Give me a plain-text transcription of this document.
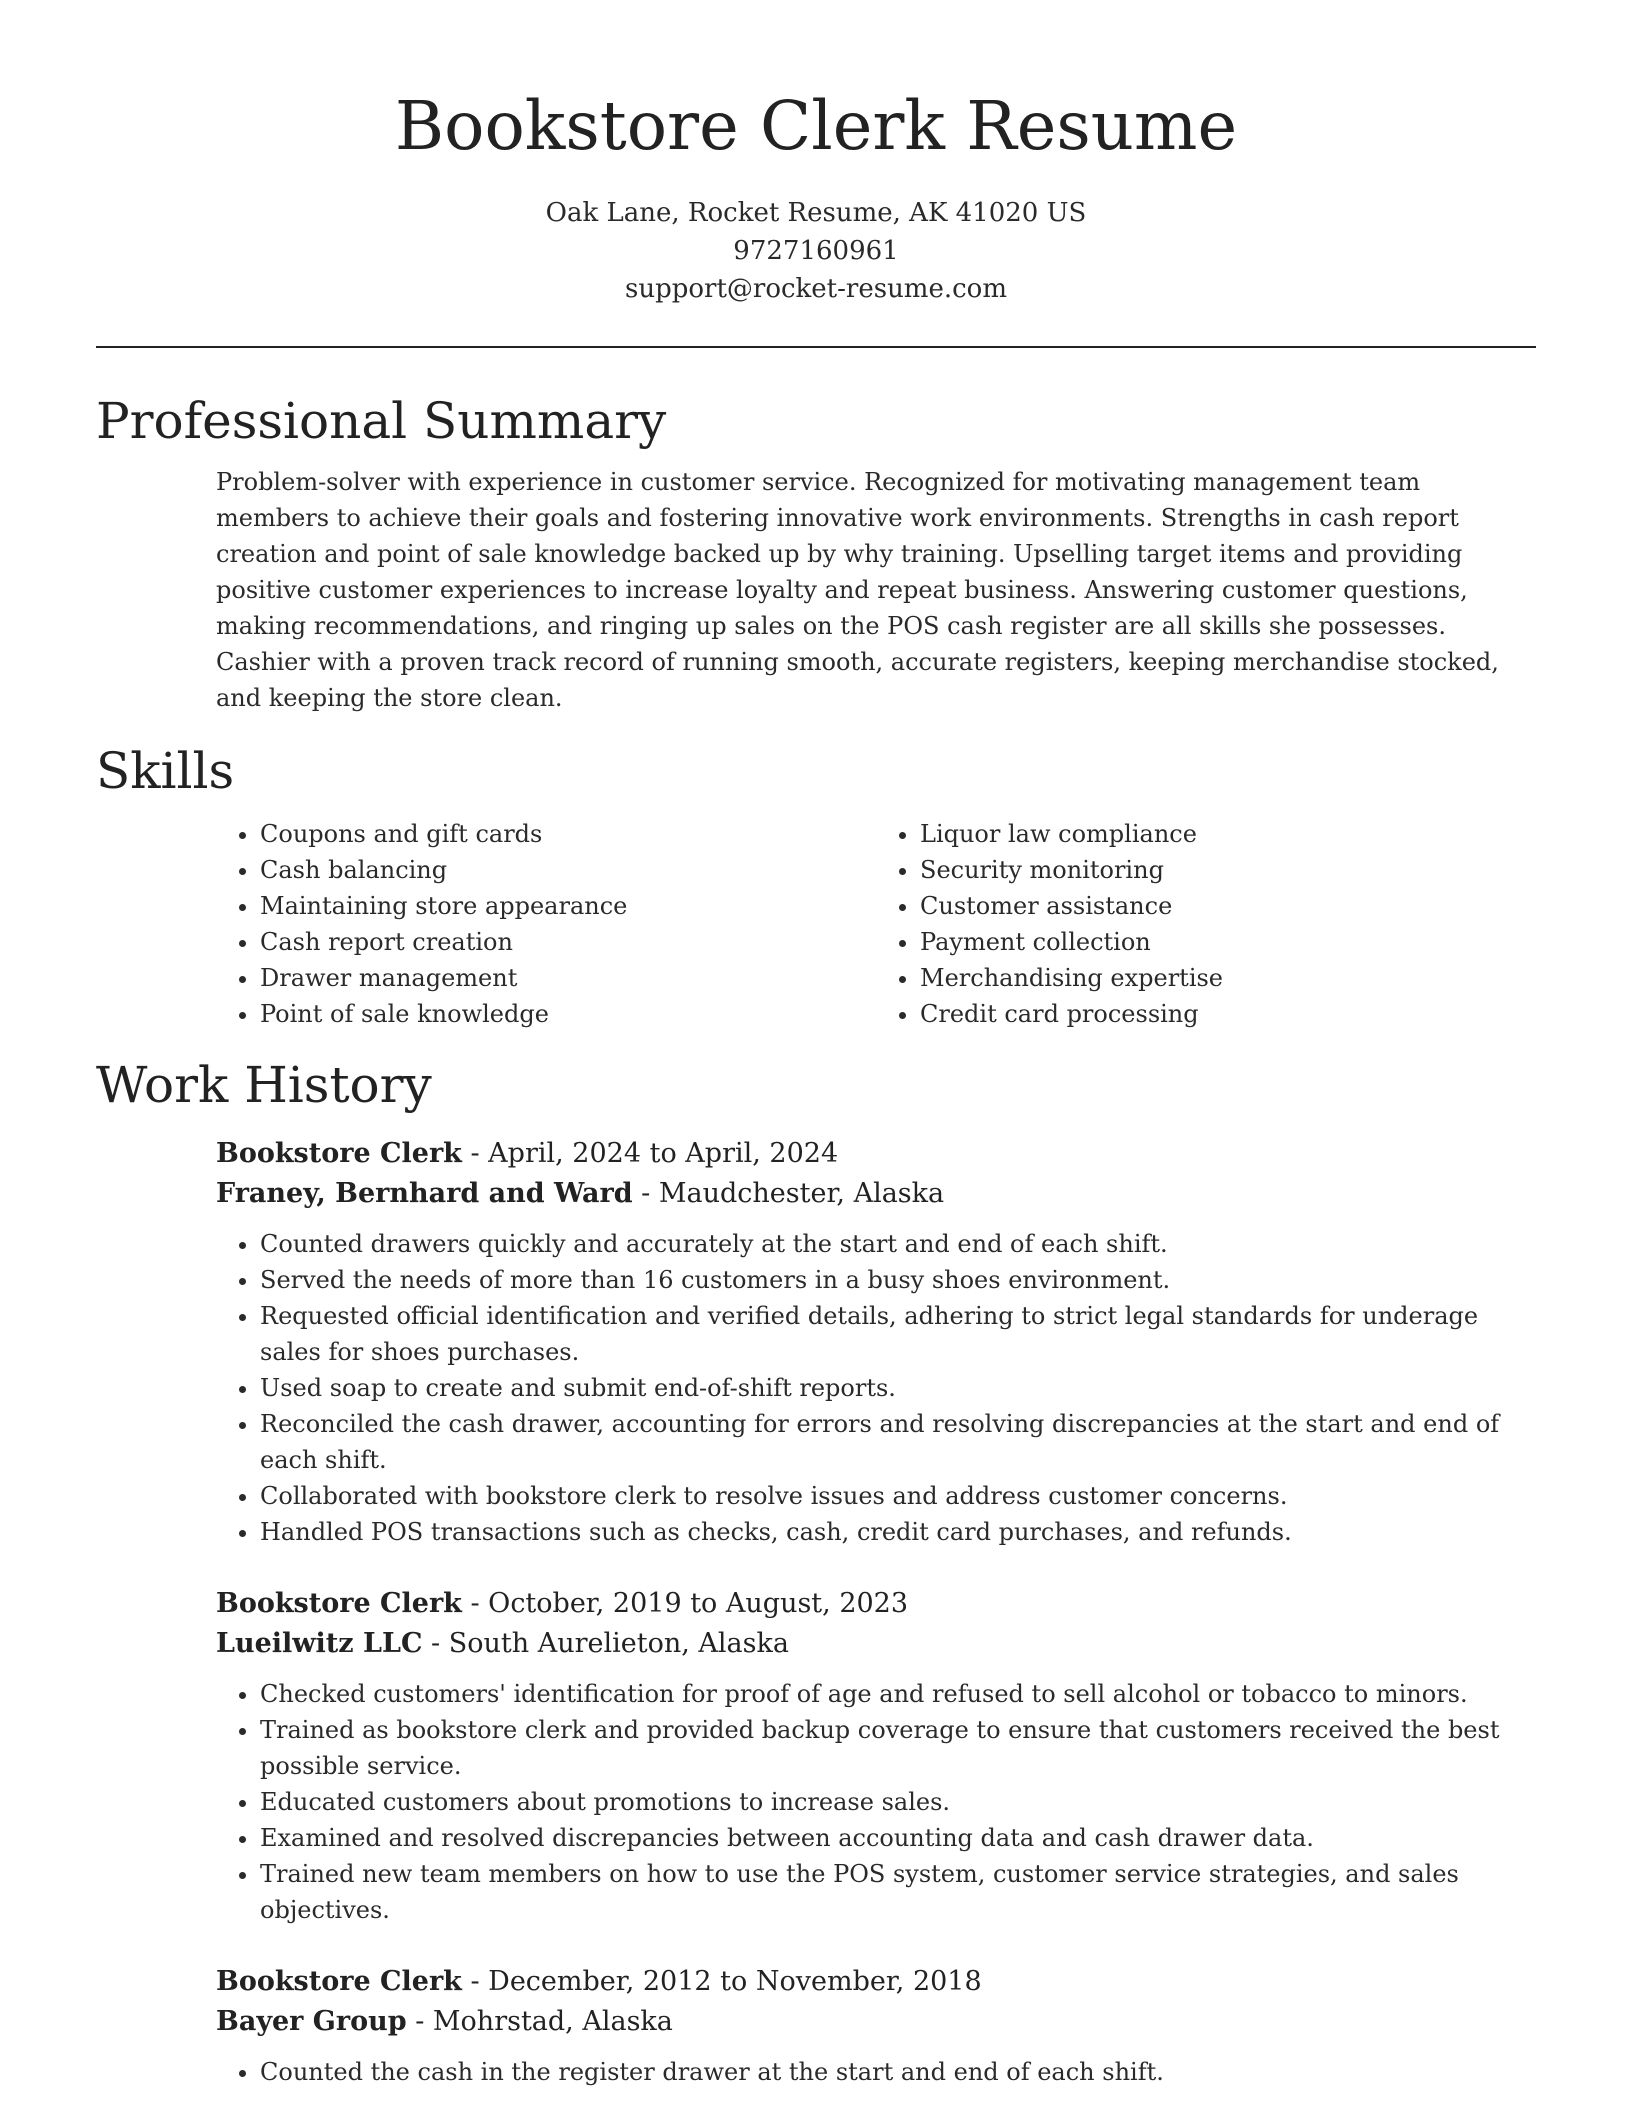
Bookstore Clerk Resume
Oak Lane, Rocket Resume, AK 41020 US
9727160961
support@rocket-resume.com
Professional Summary

Problem-solver with experience in customer service. Recognized for motivating management team members to achieve their goals and fostering innovative work environments. Strengths in cash report creation and point of sale knowledge backed up by why training. Upselling target items and providing positive customer experiences to increase loyalty and repeat business. Answering customer questions, making recommendations, and ringing up sales on the POS cash register are all skills she possesses. Cashier with a proven track record of running smooth, accurate registers, keeping merchandise stocked, and keeping the store clean.

Skills
• Coupons and gift cards
• Cash balancing
• Maintaining store appearance
• Cash report creation
• Drawer management
• Point of sale knowledge
• Liquor law compliance
• Security monitoring
• Customer assistance
• Payment collection
• Merchandising expertise
• Credit card processing
Work History
Bookstore Clerk - April, 2024 to April, 2024
Franey, Bernhard and Ward - Maudchester, Alaska
• Counted drawers quickly and accurately at the start and end of each shift.
• Served the needs of more than 16 customers in a busy shoes environment.
• Requested official identification and verified details, adhering to strict legal standards for underage sales for shoes purchases.
• Used soap to create and submit end-of-shift reports.
• Reconciled the cash drawer, accounting for errors and resolving discrepancies at the start and end of each shift.
• Collaborated with bookstore clerk to resolve issues and address customer concerns.
• Handled POS transactions such as checks, cash, credit card purchases, and refunds.
Bookstore Clerk - October, 2019 to August, 2023
Lueilwitz LLC - South Aurelieton, Alaska
• Checked customers' identification for proof of age and refused to sell alcohol or tobacco to minors.
• Trained as bookstore clerk and provided backup coverage to ensure that customers received the best possible service.
• Educated customers about promotions to increase sales.
• Examined and resolved discrepancies between accounting data and cash drawer data.
• Trained new team members on how to use the POS system, customer service strategies, and sales objectives.
Bookstore Clerk - December, 2012 to November, 2018
Bayer Group - Mohrstad, Alaska
• Counted the cash in the register drawer at the start and end of each shift.
